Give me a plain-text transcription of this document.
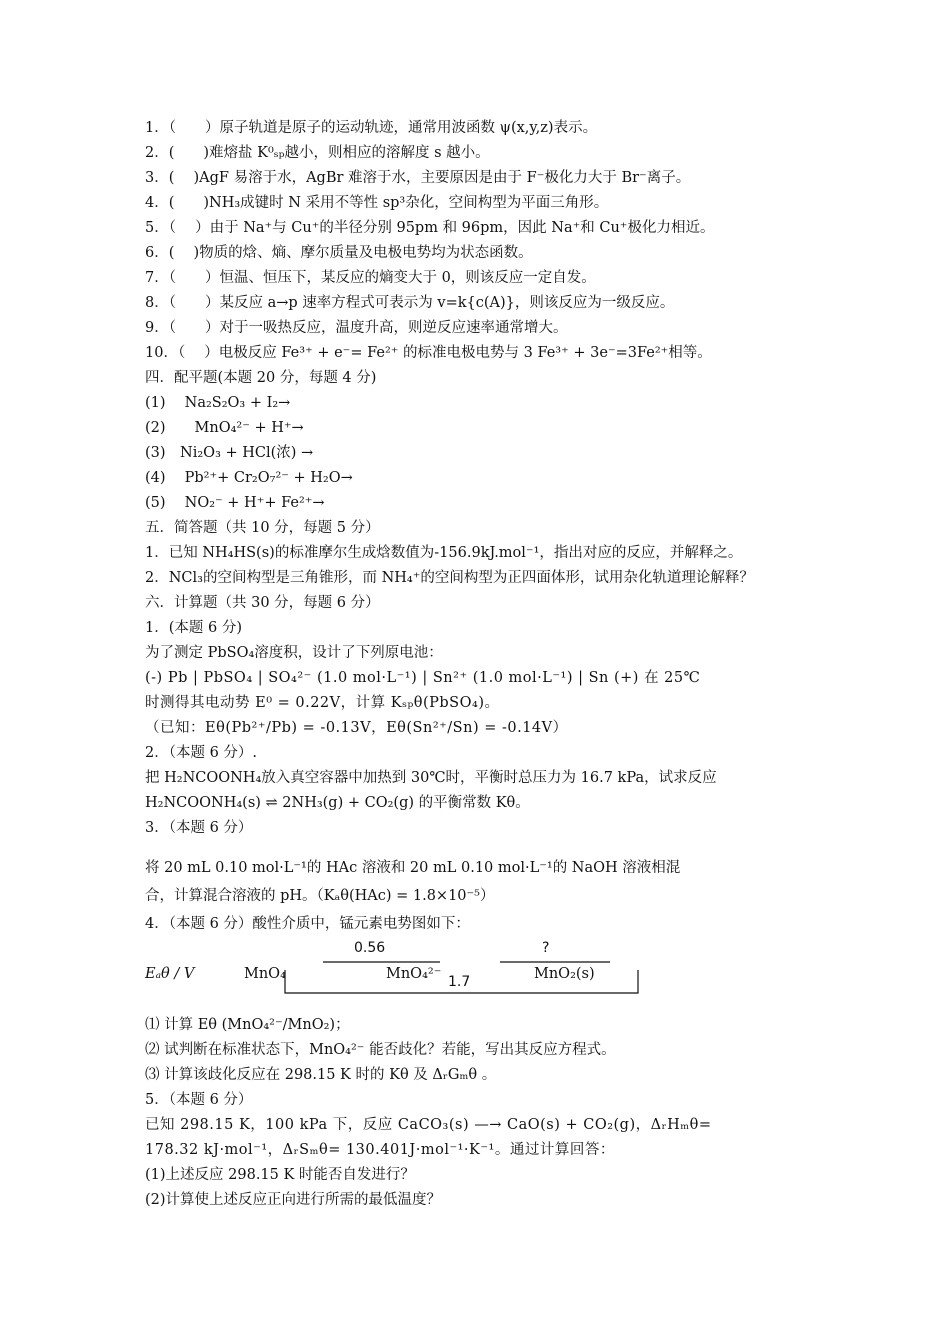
1．（　　）原子轨道是原子的运动轨迹，通常用波函数 ψ(x,y,z)表示。
2．(　　)难熔盐 K⁰ₛₚ越小，则相应的溶解度 s 越小。
3．(　 )AgF 易溶于水，AgBr 难溶于水，主要原因是由于 F⁻极化力大于 Br⁻离子。
4．(　　)NH₃成键时 N 采用不等性 sp³杂化，空间构型为平面三角形。
5．（　 ）由于 Na⁺与 Cu⁺的半径分别 95pm 和 96pm，因此 Na⁺和 Cu⁺极化力相近。
6．(　 )物质的焓、熵、摩尔质量及电极电势均为状态函数。
7．（　　）恒温、恒压下，某反应的熵变大于 0，则该反应一定自发。
8．（　　）某反应 a→p 速率方程式可表示为 v=k{c(A)}，则该反应为一级反应。
9．（　　）对于一吸热反应，温度升高，则逆反应速率通常增大。
10．（　 ）电极反应 Fe³⁺ + e⁻= Fe²⁺ 的标准电极电势与 3 Fe³⁺ + 3e⁻=3Fe²⁺相等。
四．配平题(本题 20 分，每题 4 分)
(1)　 Na₂S₂O₃ + I₂→
(2)　　MnO₄²⁻ + H⁺→
(3)　Ni₂O₃ + HCl(浓) →
(4)　 Pb²⁺+ Cr₂O₇²⁻ + H₂O→
(5)　 NO₂⁻ + H⁺+ Fe²⁺→
五．简答题（共 10 分，每题 5 分）
1．已知 NH₄HS(s)的标准摩尔生成焓数值为-156.9kJ.mol⁻¹，指出对应的反应，并解释之。
2．NCl₃的空间构型是三角锥形，而 NH₄⁺的空间构型为正四面体形，试用杂化轨道理论解释？
六．计算题（共 30 分，每题 6 分）
1．(本题 6 分)
为了测定 PbSO₄溶度积，设计了下列原电池：
(-) Pb | PbSO₄ | SO₄²⁻ (1.0 mol·L⁻¹) | Sn²⁺ (1.0 mol·L⁻¹) | Sn (+) 在 25℃
时测得其电动势 E⁰ = 0.22V，计算 Kₛₚθ(PbSO₄)。
（已知：Eθ(Pb²⁺/Pb) = -0.13V，Eθ(Sn²⁺/Sn) = -0.14V）
2．（本题 6 分）.
把 H₂NCOONH₄放入真空容器中加热到 30℃时，平衡时总压力为 16.7 kPa，试求反应
H₂NCOONH₄(s) ⇌ 2NH₃(g) + CO₂(g) 的平衡常数 Kθ。
3．（本题 6 分）
将 20 mL 0.10 mol·L⁻¹的 HAc 溶液和 20 mL 0.10 mol·L⁻¹的 NaOH 溶液相混
合，计算混合溶液的 pH。（Kₐθ(HAc) = 1.8×10⁻⁵）
4．（本题 6 分）酸性介质中，锰元素电势图如下：
Eₐθ / V	MnO₄	MnO₄²⁻	MnO₂(s)
0.56	?
1.7
⑴ 计算 Eθ (MnO₄²⁻/MnO₂)；
⑵ 试判断在标准状态下，MnO₄²⁻ 能否歧化？若能，写出其反应方程式。
⑶ 计算该歧化反应在 298.15 K 时的 Kθ 及 ΔᵣGₘθ 。
5．（本题 6 分）
已知 298.15 K，100 kPa 下，反应 CaCO₃(s) —→ CaO(s) + CO₂(g)，ΔᵣHₘθ=
178.32 kJ·mol⁻¹，ΔᵣSₘθ= 130.401J·mol⁻¹·K⁻¹。通过计算回答：
(1)上述反应 298.15 K 时能否自发进行？
(2)计算使上述反应正向进行所需的最低温度？
